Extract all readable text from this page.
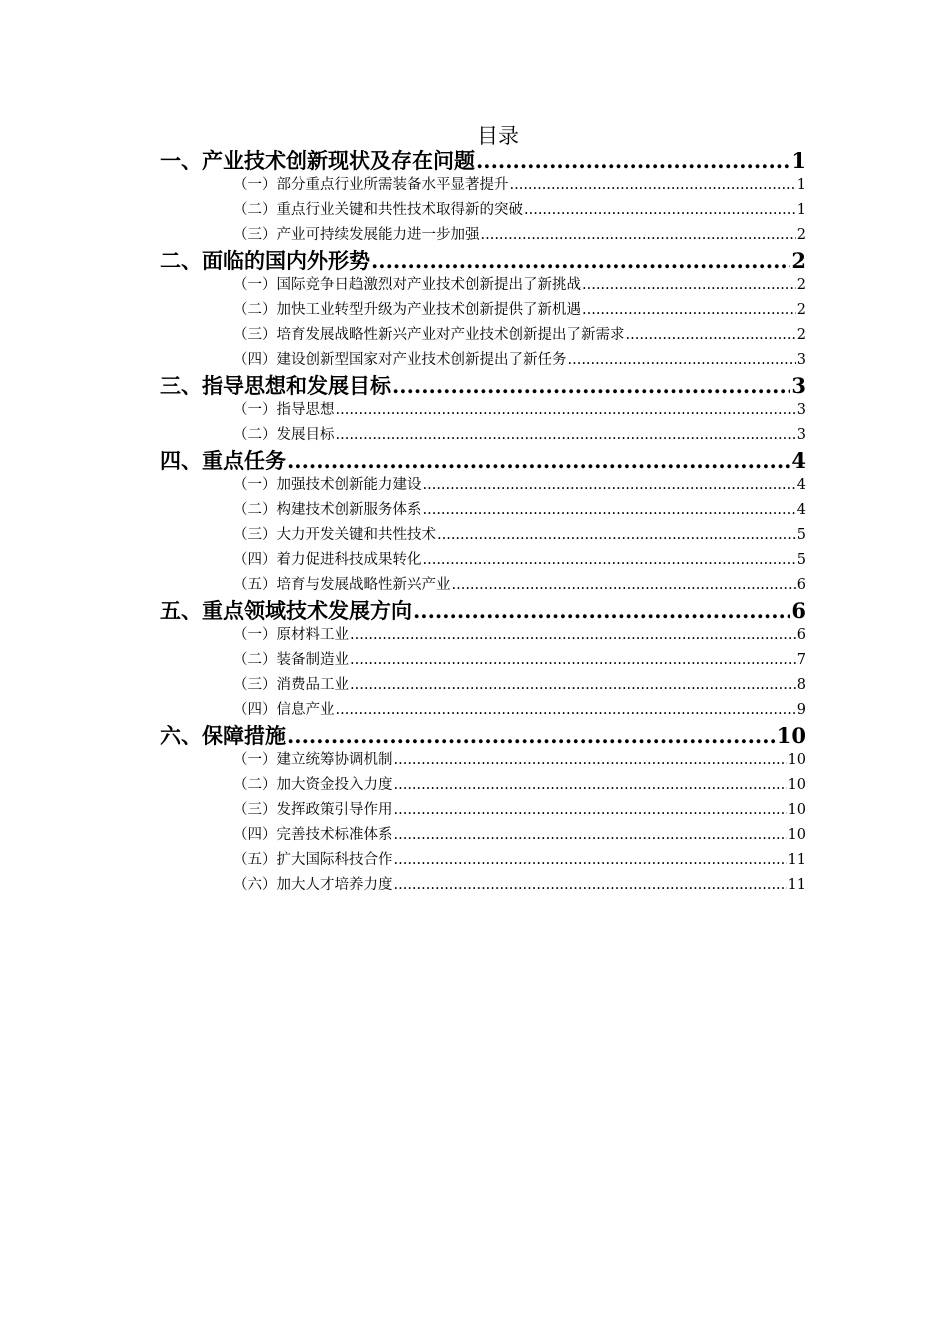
目录
一、产业技术创新现状及存在问题 .....	1
（一）部分重点行业所需装备水平显著提升 .....	1
（二）重点行业关键和共性技术取得新的突破 .....	1
（三）产业可持续发展能力进一步加强 .....	2
二、面临的国内外形势 .....	2
（一）国际竞争日趋激烈对产业技术创新提出了新挑战 .....	2
（二）加快工业转型升级为产业技术创新提供了新机遇 .....	2
（三）培育发展战略性新兴产业对产业技术创新提出了新需求 .....	2
（四）建设创新型国家对产业技术创新提出了新任务 .....	3
三、指导思想和发展目标 .....	3
（一）指导思想 .....	3
（二）发展目标 .....	3
四、重点任务 .....	4
（一）加强技术创新能力建设 .....	4
（二）构建技术创新服务体系 .....	4
（三）大力开发关键和共性技术 .....	5
（四）着力促进科技成果转化 .....	5
（五）培育与发展战略性新兴产业 .....	6
五、重点领域技术发展方向 .....	6
（一）原材料工业 .....	6
（二）装备制造业 .....	7
（三）消费品工业 .....	8
（四）信息产业 .....	9
六、保障措施 .....	10
（一）建立统筹协调机制 .....	10
（二）加大资金投入力度 .....	10
（三）发挥政策引导作用 .....	10
（四）完善技术标准体系 .....	10
（五）扩大国际科技合作 .....	11
（六）加大人才培养力度 .....	11
